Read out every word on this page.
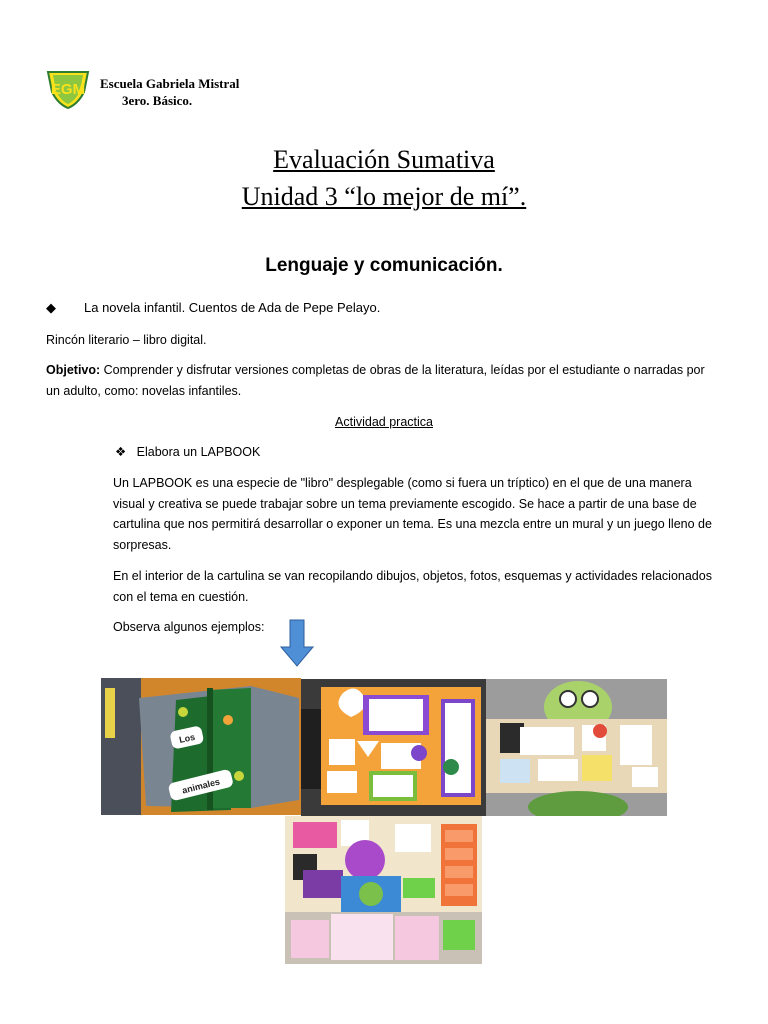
EGM Escuela Gabriela Mistral
3ero. Básico.
Evaluación Sumativa
Unidad 3 “lo mejor de mí”.
Lenguaje y comunicación.
◆ La novela infantil. Cuentos de Ada de Pepe Pelayo.
Rincón literario – libro digital.
Objetivo: Comprender y disfrutar versiones completas de obras de la literatura, leídas por el estudiante o narradas por un adulto, como: novelas infantiles.
Actividad practica
❖ Elabora un LAPBOOK
Un LAPBOOK es una especie de "libro" desplegable (como si fuera un tríptico) en el que de una manera visual y creativa se puede trabajar sobre un tema previamente escogido. Se hace a partir de una base de cartulina que nos permitirá desarrollar o exponer un tema. Es una mezcla entre un mural y un juego lleno de sorpresas.
En el interior de la cartulina se van recopilando dibujos, objetos, fotos, esquemas y actividades relacionados con el tema en cuestión.
Observa algunos ejemplos:
Los
animales
